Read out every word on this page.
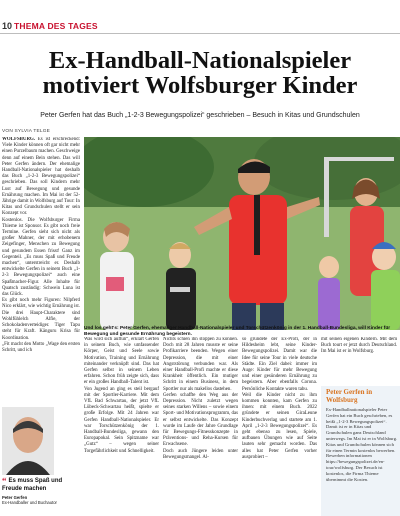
10 THEMA DES TAGES
Ex-Handball-Nationalspieler
motiviert Wolfsburger Kinder
Peter Gerfen hat das Buch „1-2-3 Bewegungspolizei“ geschrieben – Besuch in Kitas und Grundschulen
VON SYLVIA TELGE

WOLFSBURG. Es ist erschreckend: Viele Kinder können oft gar nicht mehr einen Purzelbaum machen. Geschweige denn auf einem Bein stehen. Das will Peter Gerfen ändern. Der ehemalige Handball-Nationalspieler hat deshalb das Buch „1-2-3 Bewegungspolizei“ geschrieben. Das soll Kindern mehr Lust auf Bewegung und gesunde Ernährung machen. Im Mai ist der 52-Jährige damit in Wolfsburg auf Tour: In Kitas und Grundschulen stellt er sein Konzept vor.

Kostenlos. Die Wolfsburger Firma Thieme ist Sponsor. Es gibt noch freie Termine. Gerfen sieht sich nicht als großer Mahner, der mit erhobenem Zeigefinger, Menschen zu Bewegung und gesundem Essen frisst! Ganz im Gegenteil. „Es muss Spaß und Freude machen“, unterstreicht er. Deshalb entwickelte Gerfen in seinem Buch „1-2-3 Bewegungspolizei“ auch eine Spaßmacher-Figur. Alle Inhalte für Quatsch zuständig: Schwein Luna ist das Glück.

Es gibt noch mehr Figuren: Nilpferd Nico erklärt, wie wichtig Ernährung ist. Die drei Haupt-Charaktere sind Wohlfühlelch Alfie, der Schokoladenverteidiger. Tiger Tapu steht für Kraft. Känguru Krisa für Koordination.

„Fit macht den Motto „Wage den ersten Schritt, und ich

Und los geht‘s: Peter Gerfen, ehemaliger Handball-Nationalspieler und Torschützenkönig in der 1. Handball-Bundesliga, will Kinder für Bewegung und gesunde Ernährung begeistern.

Was wird sich auftun“, erklärt Gerfen in seinem Buch, wie umfassender Körper, Geist und Seele sowie Motivation, Training und Ernährung miteinander verknüpft sind. Das hat Gerfen selbst in seinem Leben erfahren. Schon früh zeigte sich, dass er ein großes Handball-Talent ist.

Von Jugend an ging es steil bergauf mit der Sportler-Karriere. Mit dem VfL Bad Schwartau, der jetzt VfL Lübeck-Schwartau heißt, spielte er große Erfolge. Mit 24 Jahren war Gerfen Handball-Nationalspieler. Er war Torschützenkönig der 1. Handball-Bundesliga, gewann den Europapokal. Sein Spitzname war „Gutz“ – wegen seiner Torgefährlichkeit und Schnelligkeit.

Nichts schien ihn stoppen zu können. Doch mit 28 Jahren musste er seine Profikarriere beenden. Wegen einer Depression, die mit einer Angststörung verbunden war. Als einer Handball-Profi machte er diese Krankheit öffentlich. Ein mutiger Schritt in einem Business, in dem Sportler nur als makellos dastehen.

Gerfen schaffte den Weg aus der Depression. Nicht zuletzt wegen seines starken Willens – sowie einem Sport- und Motivationsprogramm, das er selbst entwickelte. Das Konzept wurde im Laufe der Jahre Grundlage für Bewegungs-Fitnesskonzepte in Präventions- und Reha-Kursen für Erwachsene.

Doch auch Jüngere leiden unter Bewegungsmangel. Al-

so gründete der Ex-Profi, der in Hildesheim lebt, seine Kinder-Bewegungspolizei. Damit war die Idee für seine Tour in viele deutsche Städte. Ein Ziel dabei: immer im Auge: Kinder für mehr Bewegung und einer gesünderen Ernährung zu begeistern. Aber ebenfalls Corona. Persönliche Kontakte waren tabu.

Weil die Kinder nicht zu ihm kommen konnten, kam Gerfen zu ihnen: mit einem Buch. 2022 gründete er seinen GiraLeune Kinderbuchverlag und startete am 1. April „1-2-3 Bewegungspolizei“. Es geht ebenso zu lesen, Spiele, aufbauen Übungen wie auf Seite lauten sehr gemacht worden. Das alles hat Peter Gerfen vorher ausprobiert –

mit seinen eigenen Kindern. Mit dem Buch tourt er jetzt durch Deutschland. Im Mai ist er in Wolfsburg.

“ Es muss Spaß und Freude machen
Peter Gerfen
Ex-Handballer und Buchautor
Peter Gerfen in Wolfsburg
Ex-Handballnationalspieler Peter Gerfen hat ein Buch geschrieben, es heißt „1-2-3 Bewegungspolizei“. Damit ist er in Kitas und Grundschulen ganz Deutschland unterwegs. Im Mai ist er in Wolfsburg. Kitas und Grundschulen können sich für einen Termin kostenlos bewerben. Bewerben informationen https://bewegungspolizei.de/en-tour/wolfsburg. Der Besuch ist kostenlos, die Firma Thieme übernimmt die Kosten.
